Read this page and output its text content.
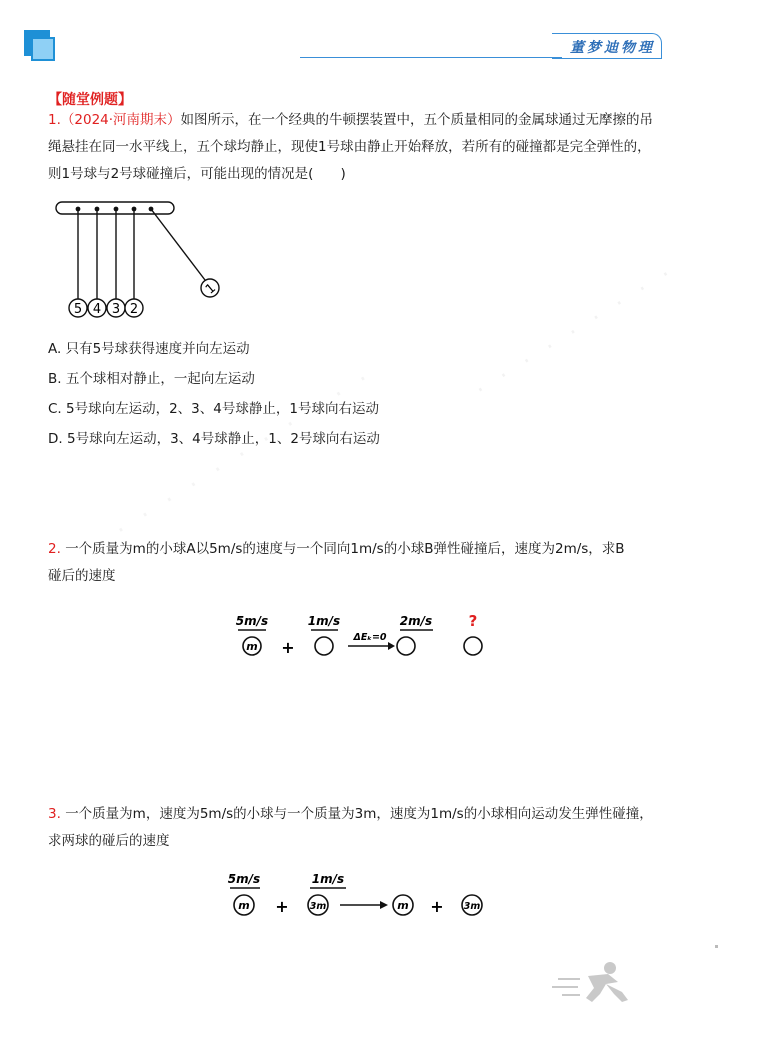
董梦迪物理
【随堂例题】
1.（2024·河南期末）如图所示，在一个经典的牛顿摆装置中，五个质量相同的金属球通过无摩擦的吊
绳悬挂在同一水平线上，五个球均静止，现使1号球由静止开始释放，若所有的碰撞都是完全弹性的，
则1号球与2号球碰撞后，可能出现的情况是(　　)
5 4 3 2
1
A. 只有5号球获得速度并向左运动
B. 五个球相对静止，一起向左运动
C. 5号球向左运动，2、3、4号球静止，1号球向右运动
D. 5号球向左运动，3、4号球静止，1、2号球向右运动
· · · · · · · · ·
2. 一个质量为m的小球A以5m/s的速度与一个同向1m/s的小球B弹性碰撞后，速度为2m/s，求B
碰后的速度
5m/s
m +
1m/s
ΔEₖ=0
2m/s ?
3. 一个质量为m，速度为5m/s的小球与一个质量为3m，速度为1m/s的小球相向运动发生弹性碰撞，
求两球的碰后的速度
5m/s
m +
1m/s
3m	m + 3m
